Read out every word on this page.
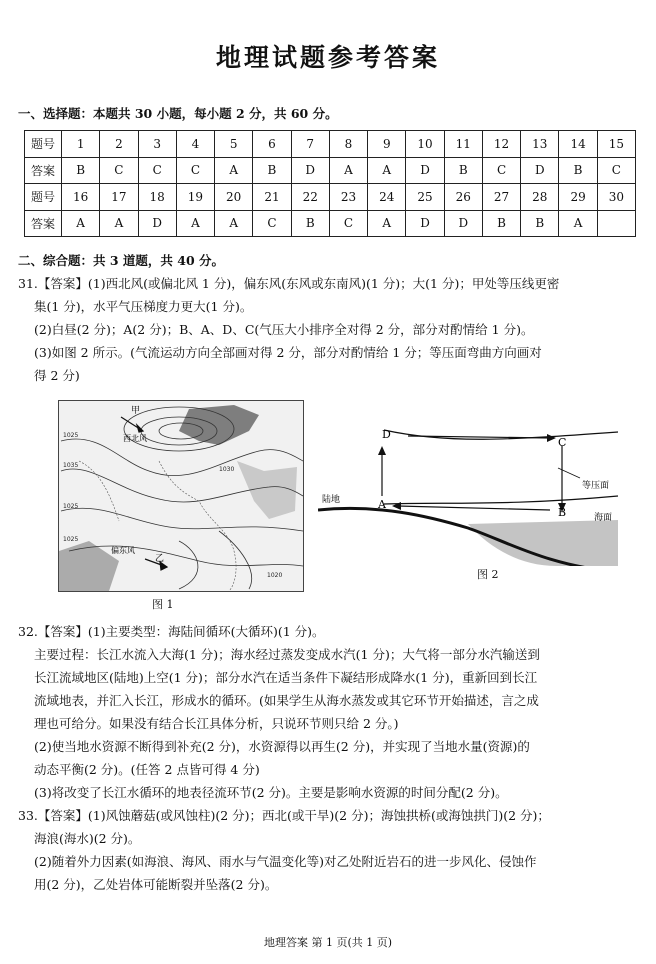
地理试题参考答案
一、选择题：本题共 30 小题，每小题 2 分，共 60 分。
题号	1	2	3	4	5	6	7	8	9	10	11	12	13	14	15
答案	B	C	C	C	A	B	D	A	A	D	B	C	D	B	C
题号	16	17	18	19	20	21	22	23	24	25	26	27	28	29	30
答案	A	A	D	A	A	C	B	C	A	D	D	B	B	A	
二、综合题：共 3 道题，共 40 分。

31.【答案】(1)西北风(或偏北风 1 分)，偏东风(东风或东南风)(1 分)；大(1 分)；甲处等压线更密

集(1 分)，水平气压梯度力更大(1 分)。

(2)白昼(2 分)；A(2 分)；B、A、D、C(气压大小排序全对得 2 分，部分对酌情给 1 分)。

(3)如图 2 所示。(气流运动方向全部画对得 2 分，部分对酌情给 1 分；等压面弯曲方向画对

得 2 分)

甲
西北风
乙
偏东风
1025
1035
1025
1025
1020
1030
图 1
D
C
A
B
陆地
海面
等压面
图 2

32.【答案】(1)主要类型：海陆间循环(大循环)(1 分)。

主要过程：长江水流入大海(1 分)；海水经过蒸发变成水汽(1 分)；大气将一部分水汽输送到

长江流域地区(陆地)上空(1 分)；部分水汽在适当条件下凝结形成降水(1 分)，重新回到长江

流域地表，并汇入长江，形成水的循环。(如果学生从海水蒸发或其它环节开始描述，言之成

理也可给分。如果没有结合长江具体分析，只说环节则只给 2 分。)

(2)使当地水资源不断得到补充(2 分)，水资源得以再生(2 分)，并实现了当地水量(资源)的

动态平衡(2 分)。(任答 2 点皆可得 4 分)

(3)将改变了长江水循环的地表径流环节(2 分)。主要是影响水资源的时间分配(2 分)。

33.【答案】(1)风蚀蘑菇(或风蚀柱)(2 分)；西北(或干旱)(2 分)；海蚀拱桥(或海蚀拱门)(2 分)；

海浪(海水)(2 分)。

(2)随着外力因素(如海浪、海风、雨水与气温变化等)对乙处附近岩石的进一步风化、侵蚀作

用(2 分)，乙处岩体可能断裂并坠落(2 分)。

地理答案 第 1 页(共 1 页)
